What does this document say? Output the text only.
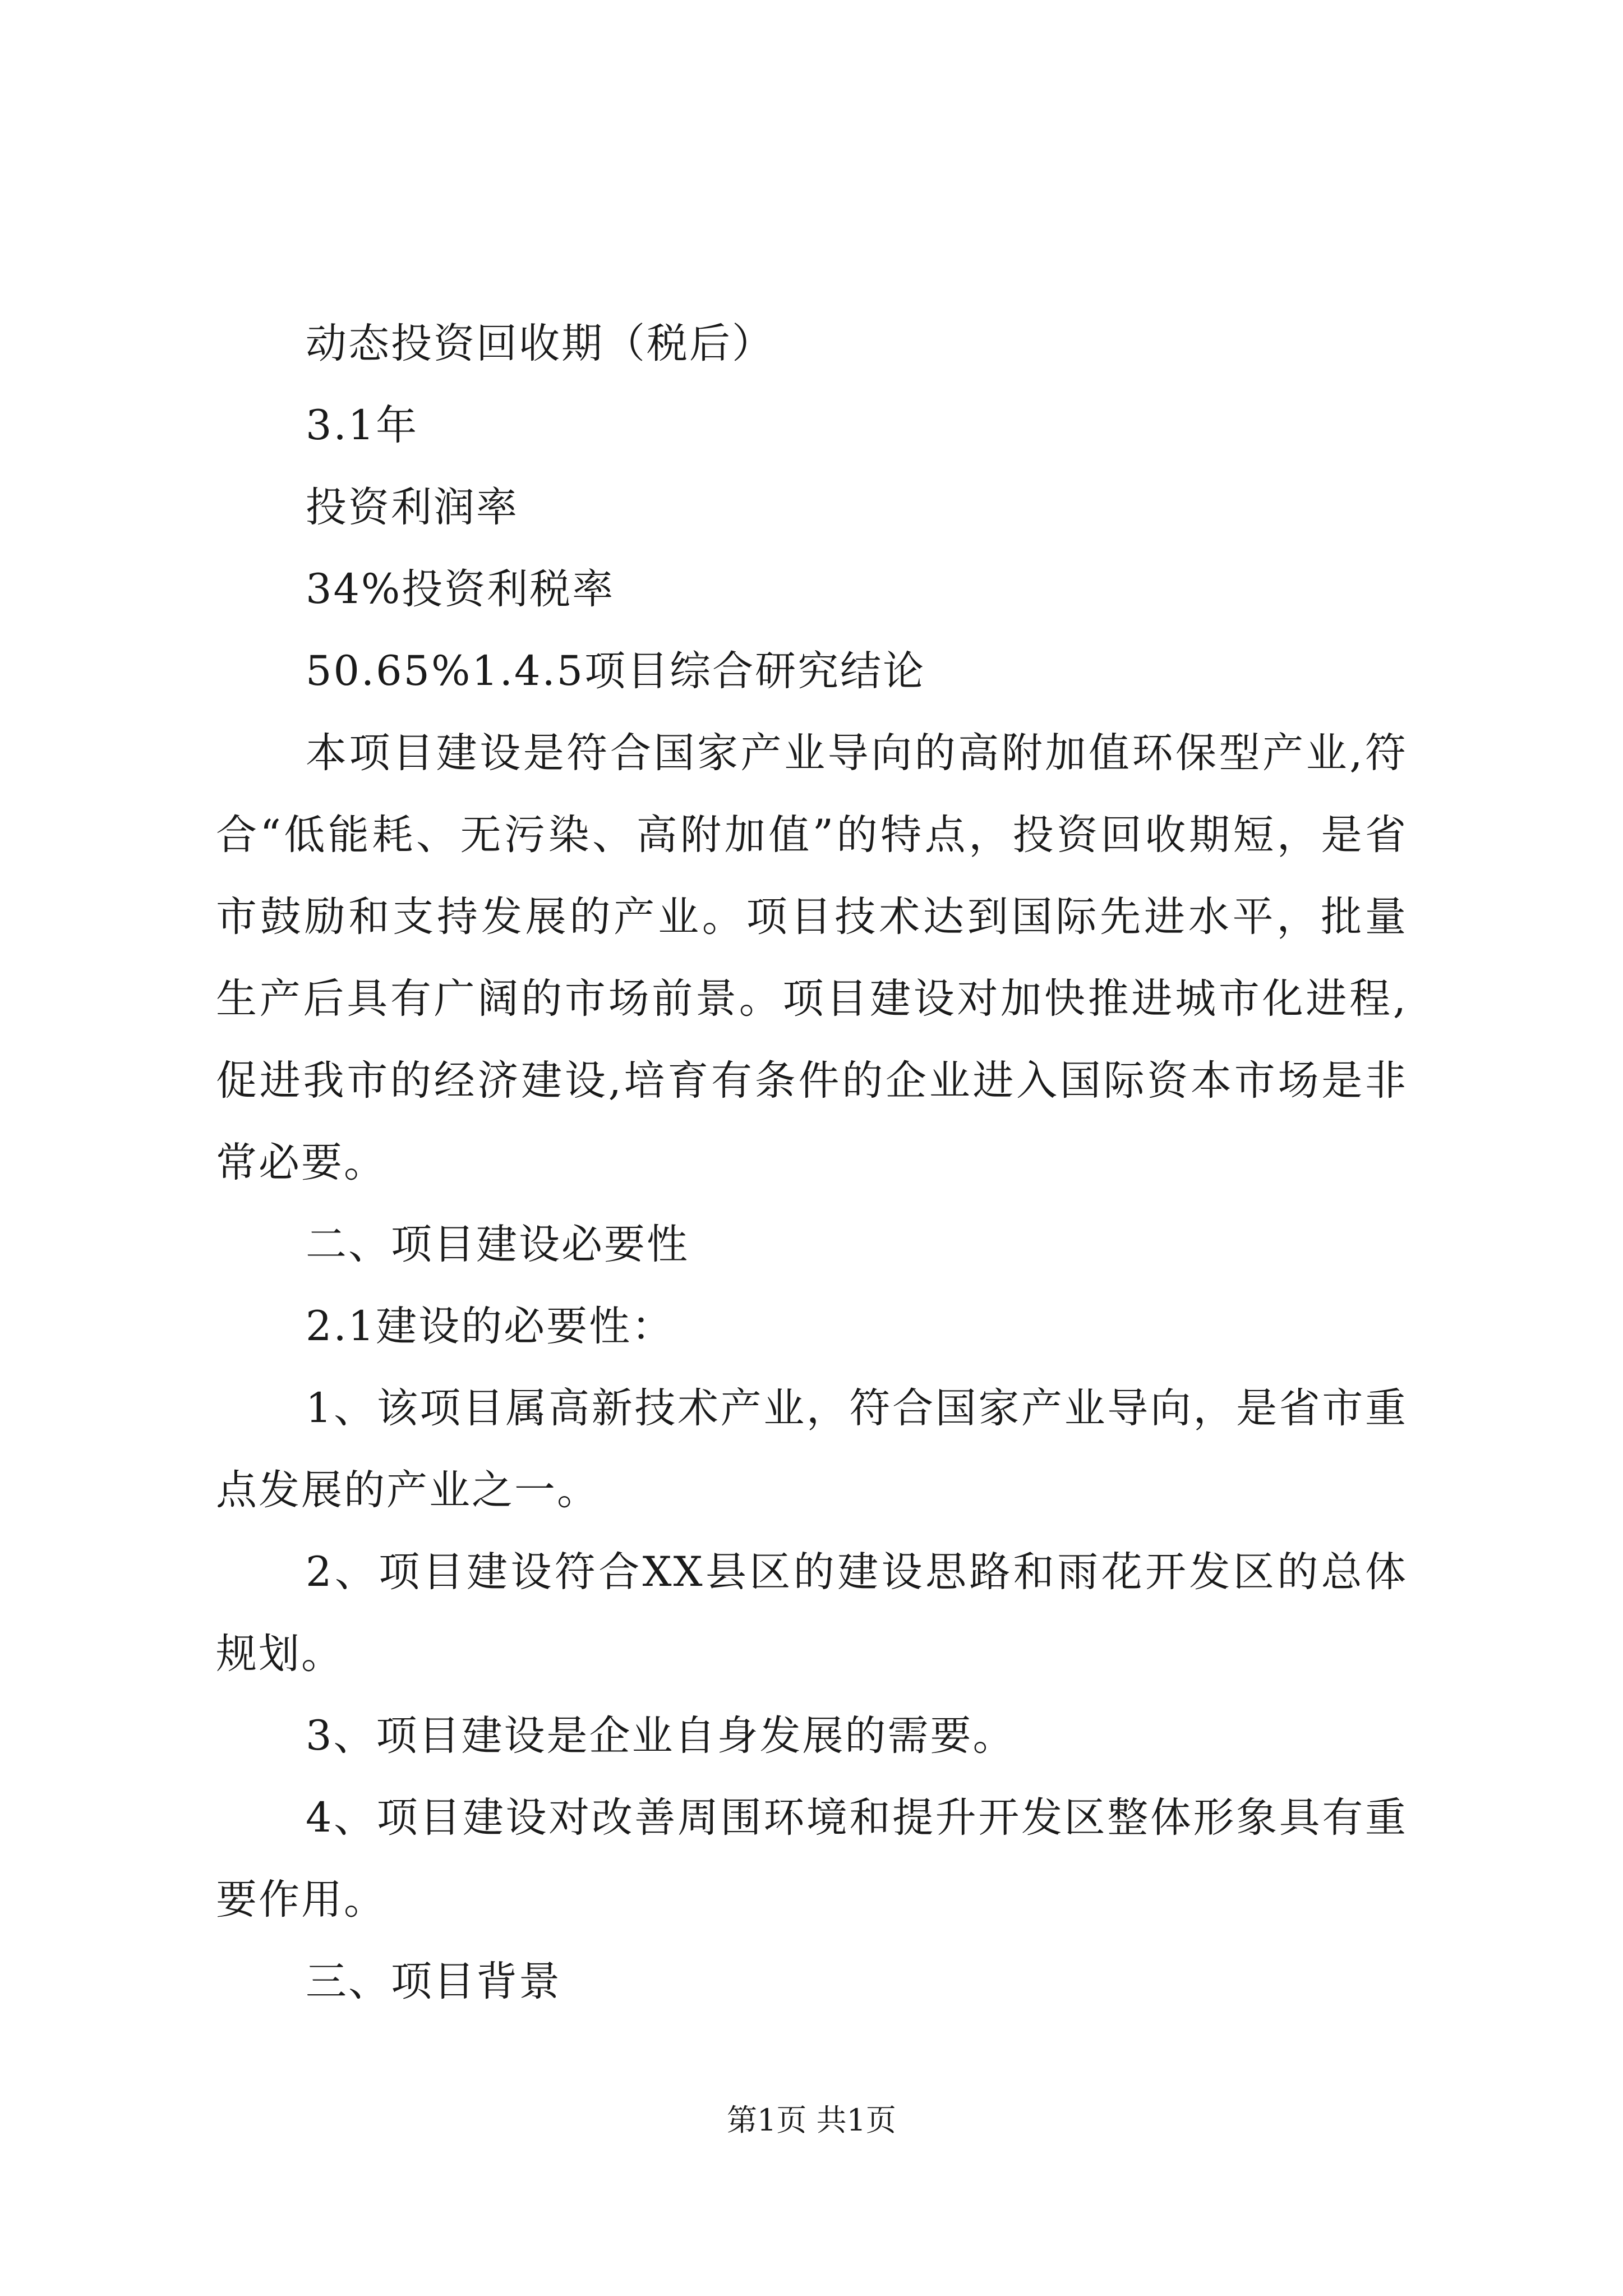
动态投资回收期（税后）

3.1年

投资利润率

34%投资利税率

50.65%1.4.5项目综合研究结论

本项目建设是符合国家产业导向的高附加值环保型产业,符合“低能耗、无污染、高附加值”的特点，投资回收期短，是省市鼓励和支持发展的产业。项目技术达到国际先进水平，批量生产后具有广阔的市场前景。项目建设对加快推进城市化进程,促进我市的经济建设,培育有条件的企业进入国际资本市场是非常必要。

二、项目建设必要性

2.1建设的必要性：

1、该项目属高新技术产业，符合国家产业导向，是省市重点发展的产业之一。

2、项目建设符合XX县区的建设思路和雨花开发区的总体规划。

3、项目建设是企业自身发展的需要。

4、项目建设对改善周围环境和提升开发区整体形象具有重要作用。

三、项目背景

第1页 共1页
